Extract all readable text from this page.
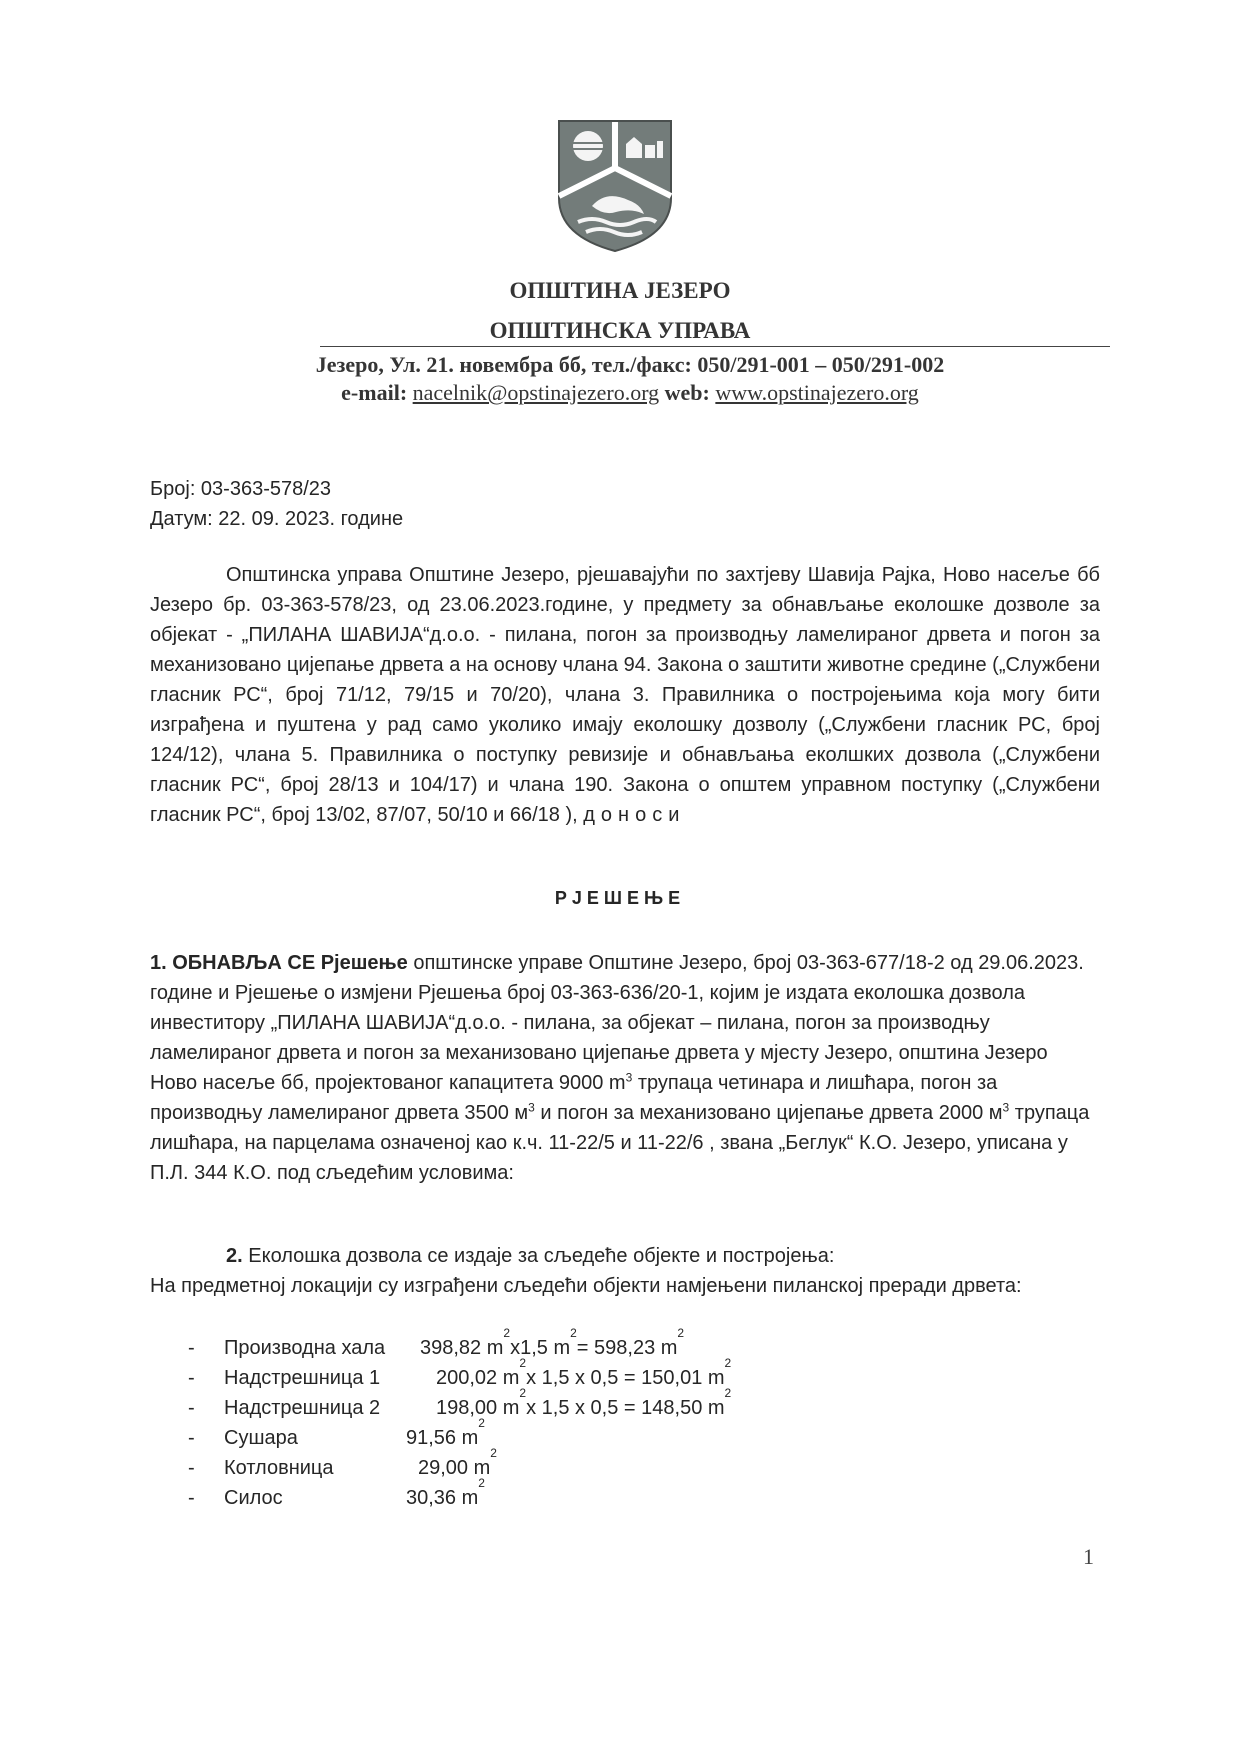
ОПШТИНА ЈЕЗЕРО
ОПШТИНСКА УПРАВА
Језеро, Ул. 21. новембра бб, тел./факс: 050/291-001 – 050/291-002
e-mail: nacelnik@opstinajezero.org web: www.opstinajezero.org
Број: 03-363-578/23
Датум: 22. 09. 2023. године
Општинска управа Општине Језеро, рјешавајући по захтјеву Шавија Рајка, Ново насеље бб Језеро бр. 03-363-578/23, од 23.06.2023.године, у предмету за обнављање еколошке дозволе за објекат - „ПИЛАНА ШАВИЈА“д.о.о. - пилана, погон за производњу ламелираног дрвета и погон за механизовано цијепање дрвета а на основу члана 94. Закона о заштити животне средине („Службени гласник РС“, број 71/12, 79/15 и 70/20), члана 3. Правилника о постројењима која могу бити изграђена и пуштена у рад само уколико имају еколошку дозволу („Службени гласник РС, број 124/12), члана 5. Правилника о поступку ревизије и обнављања еколшких дозвола („Службени гласник РС“, број 28/13 и 104/17) и члана 190. Закона о општем управном поступку („Службени гласник РС“, број 13/02, 87/07, 50/10 и 66/18 ), доноси
РЈЕШЕЊЕ
1. ОБНАВЉА СЕ Рјешење општинске управе Општине Језеро, број 03-363-677/18-2 од 29.06.2023. године и Рјешење о измјени Рјешења број 03-363-636/20-1, којим је издата еколошка дозвола инвеститору „ПИЛАНА ШАВИЈА“д.о.о. - пилана, за објекат – пилана, погон за производњу ламелираног дрвета и погон за механизовано цијепање дрвета у мјесту Језеро, општина Језеро Ново насеље бб, пројектованог капацитета 9000 $m^3$ трупаца четинара и лишћара, погон за производњу ламелираног дрвета 3500 $м^3$ и погон за механизовано цијепање дрвета 2000 $м^3$ трупаца лишћара, на парцелама означеној као к.ч. 11-22/5 и 11-22/6 , звана „Беглук“ К.О. Језеро, уписана у П.Л. 344 К.О. под сљедећим условима:
2. Еколошка дозвола се издаје за сљедеће објекте и постројења:
На предметној локацији су изграђени сљедећи објекти намјењени пиланској преради дрвета:
-	Производна хала	398,82 m
2
x1,5 m
2
= 598,23 m
2
-	Надстрешница 1	200,02 m
2
x 1,5 x 0,5 = 150,01 m
2
-	Надстрешница 2	198,00 m
2
x 1,5 x 0,5 = 148,50 m
2
-	Сушара	91,56 m
2
-	Котловница	29,00 m
2
-	Силос	30,36 m
2
1
